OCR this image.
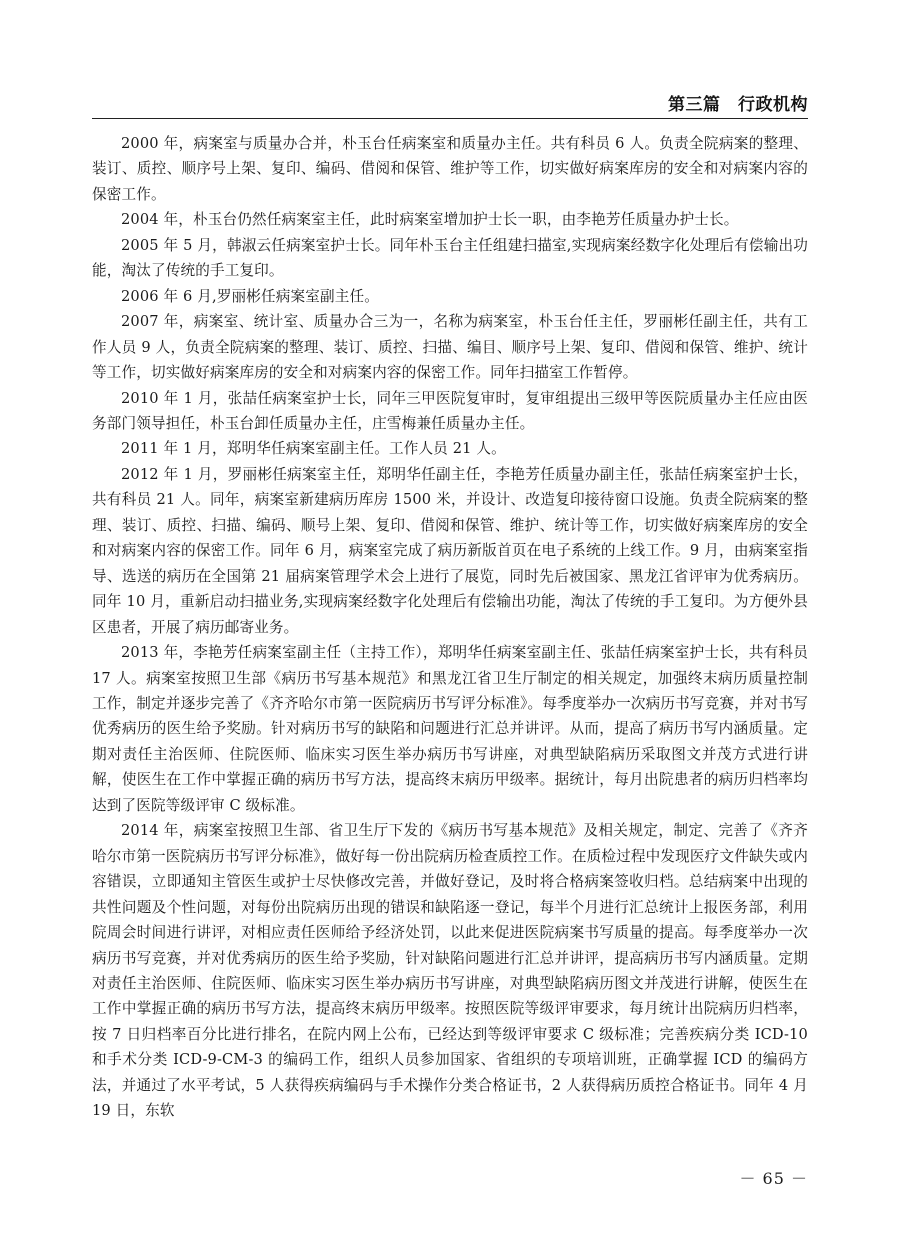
第三篇　行政机构

2000 年，病案室与质量办合并，朴玉台任病案室和质量办主任。共有科员 6 人。负责全院病案的整理、装订、质控、顺序号上架、复印、编码、借阅和保管、维护等工作，切实做好病案库房的安全和对病案内容的保密工作。

2004 年，朴玉台仍然任病案室主任，此时病案室增加护士长一职，由李艳芳任质量办护士长。

2005 年 5 月，韩淑云任病案室护士长。同年朴玉台主任组建扫描室,实现病案经数字化处理后有偿输出功能，淘汰了传统的手工复印。

2006 年 6 月,罗丽彬任病案室副主任。

2007 年，病案室、统计室、质量办合三为一，名称为病案室，朴玉台任主任，罗丽彬任副主任，共有工作人员 9 人，负责全院病案的整理、装订、质控、扫描、编目、顺序号上架、复印、借阅和保管、维护、统计等工作，切实做好病案库房的安全和对病案内容的保密工作。同年扫描室工作暂停。

2010 年 1 月，张喆任病案室护士长，同年三甲医院复审时，复审组提出三级甲等医院质量办主任应由医务部门领导担任，朴玉台卸任质量办主任，庄雪梅兼任质量办主任。

2011 年 1 月，郑明华任病案室副主任。工作人员 21 人。

2012 年 1 月，罗丽彬任病案室主任，郑明华任副主任，李艳芳任质量办副主任，张喆任病案室护士长，共有科员 21 人。同年，病案室新建病历库房 1500 米，并设计、改造复印接待窗口设施。负责全院病案的整理、装订、质控、扫描、编码、顺号上架、复印、借阅和保管、维护、统计等工作，切实做好病案库房的安全和对病案内容的保密工作。同年 6 月，病案室完成了病历新版首页在电子系统的上线工作。9 月，由病案室指导、选送的病历在全国第 21 届病案管理学术会上进行了展览，同时先后被国家、黑龙江省评审为优秀病历。同年 10 月，重新启动扫描业务,实现病案经数字化处理后有偿输出功能，淘汰了传统的手工复印。为方便外县区患者，开展了病历邮寄业务。

2013 年，李艳芳任病案室副主任（主持工作），郑明华任病案室副主任、张喆任病案室护士长，共有科员 17 人。病案室按照卫生部《病历书写基本规范》和黑龙江省卫生厅制定的相关规定，加强终末病历质量控制工作，制定并逐步完善了《齐齐哈尔市第一医院病历书写评分标准》。每季度举办一次病历书写竞赛，并对书写优秀病历的医生给予奖励。针对病历书写的缺陷和问题进行汇总并讲评。从而，提高了病历书写内涵质量。定期对责任主治医师、住院医师、临床实习医生举办病历书写讲座，对典型缺陷病历采取图文并茂方式进行讲解，使医生在工作中掌握正确的病历书写方法，提高终末病历甲级率。据统计，每月出院患者的病历归档率均达到了医院等级评审 C 级标准。

2014 年，病案室按照卫生部、省卫生厅下发的《病历书写基本规范》及相关规定，制定、完善了《齐齐哈尔市第一医院病历书写评分标准》，做好每一份出院病历检查质控工作。在质检过程中发现医疗文件缺失或内容错误，立即通知主管医生或护士尽快修改完善，并做好登记，及时将合格病案签收归档。总结病案中出现的共性问题及个性问题，对每份出院病历出现的错误和缺陷逐一登记，每半个月进行汇总统计上报医务部，利用院周会时间进行讲评，对相应责任医师给予经济处罚，以此来促进医院病案书写质量的提高。每季度举办一次病历书写竞赛，并对优秀病历的医生给予奖励，针对缺陷问题进行汇总并讲评，提高病历书写内涵质量。定期对责任主治医师、住院医师、临床实习医生举办病历书写讲座，对典型缺陷病历图文并茂进行讲解，使医生在工作中掌握正确的病历书写方法，提高终末病历甲级率。按照医院等级评审要求，每月统计出院病历归档率，按 7 日归档率百分比进行排名，在院内网上公布，已经达到等级评审要求 C 级标准；完善疾病分类 ICD-10 和手术分类 ICD-9-CM-3 的编码工作，组织人员参加国家、省组织的专项培训班，正确掌握 ICD 的编码方法，并通过了水平考试，5 人获得疾病编码与手术操作分类合格证书，2 人获得病历质控合格证书。同年 4 月 19 日，东软

－ 65 －
